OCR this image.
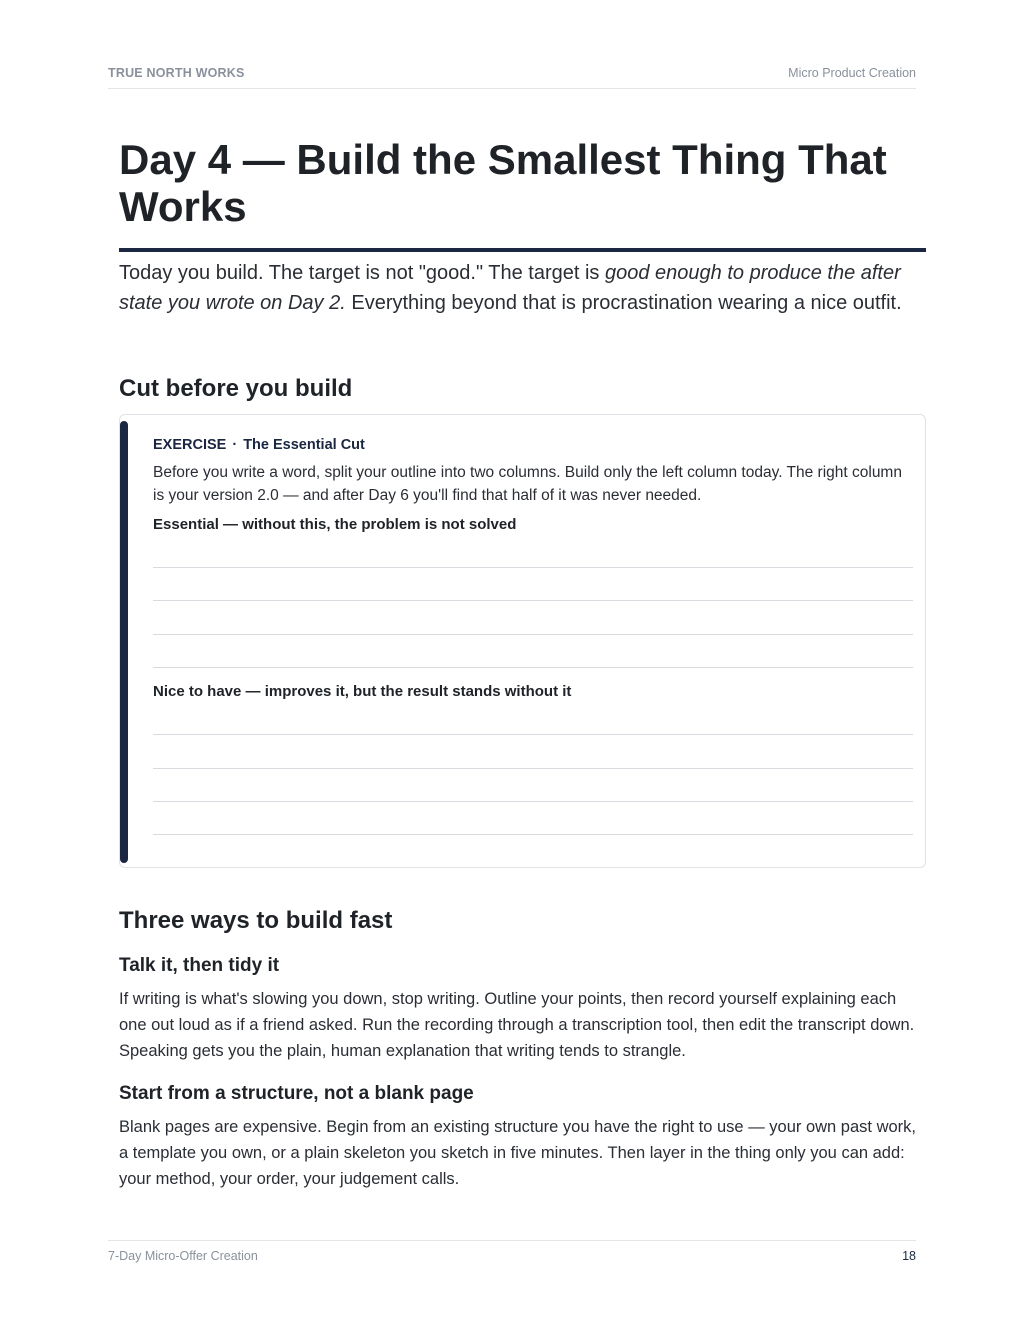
TRUE NORTH WORKS	Micro Product Creation
Day 4 — Build the Smallest Thing That Works

Today you build. The target is not "good." The target is good enough to produce the after state you wrote on Day 2. Everything beyond that is procrastination wearing a nice outfit.

Cut before you build
EXERCISE · The Essential Cut

Before you write a word, split your outline into two columns. Build only the left column today. The right column is your version 2.0 — and after Day 6 you'll find that half of it was never needed.

Essential — without this, the problem is not solved
Nice to have — improves it, but the result stands without it
Three ways to build fast
Talk it, then tidy it

If writing is what's slowing you down, stop writing. Outline your points, then record yourself explaining each one out loud as if a friend asked. Run the recording through a transcription tool, then edit the transcript down. Speaking gets you the plain, human explanation that writing tends to strangle.

Start from a structure, not a blank page

Blank pages are expensive. Begin from an existing structure you have the right to use — your own past work, a template you own, or a plain skeleton you sketch in five minutes. Then layer in the thing only you can add: your method, your order, your judgement calls.

7-Day Micro-Offer Creation	18
